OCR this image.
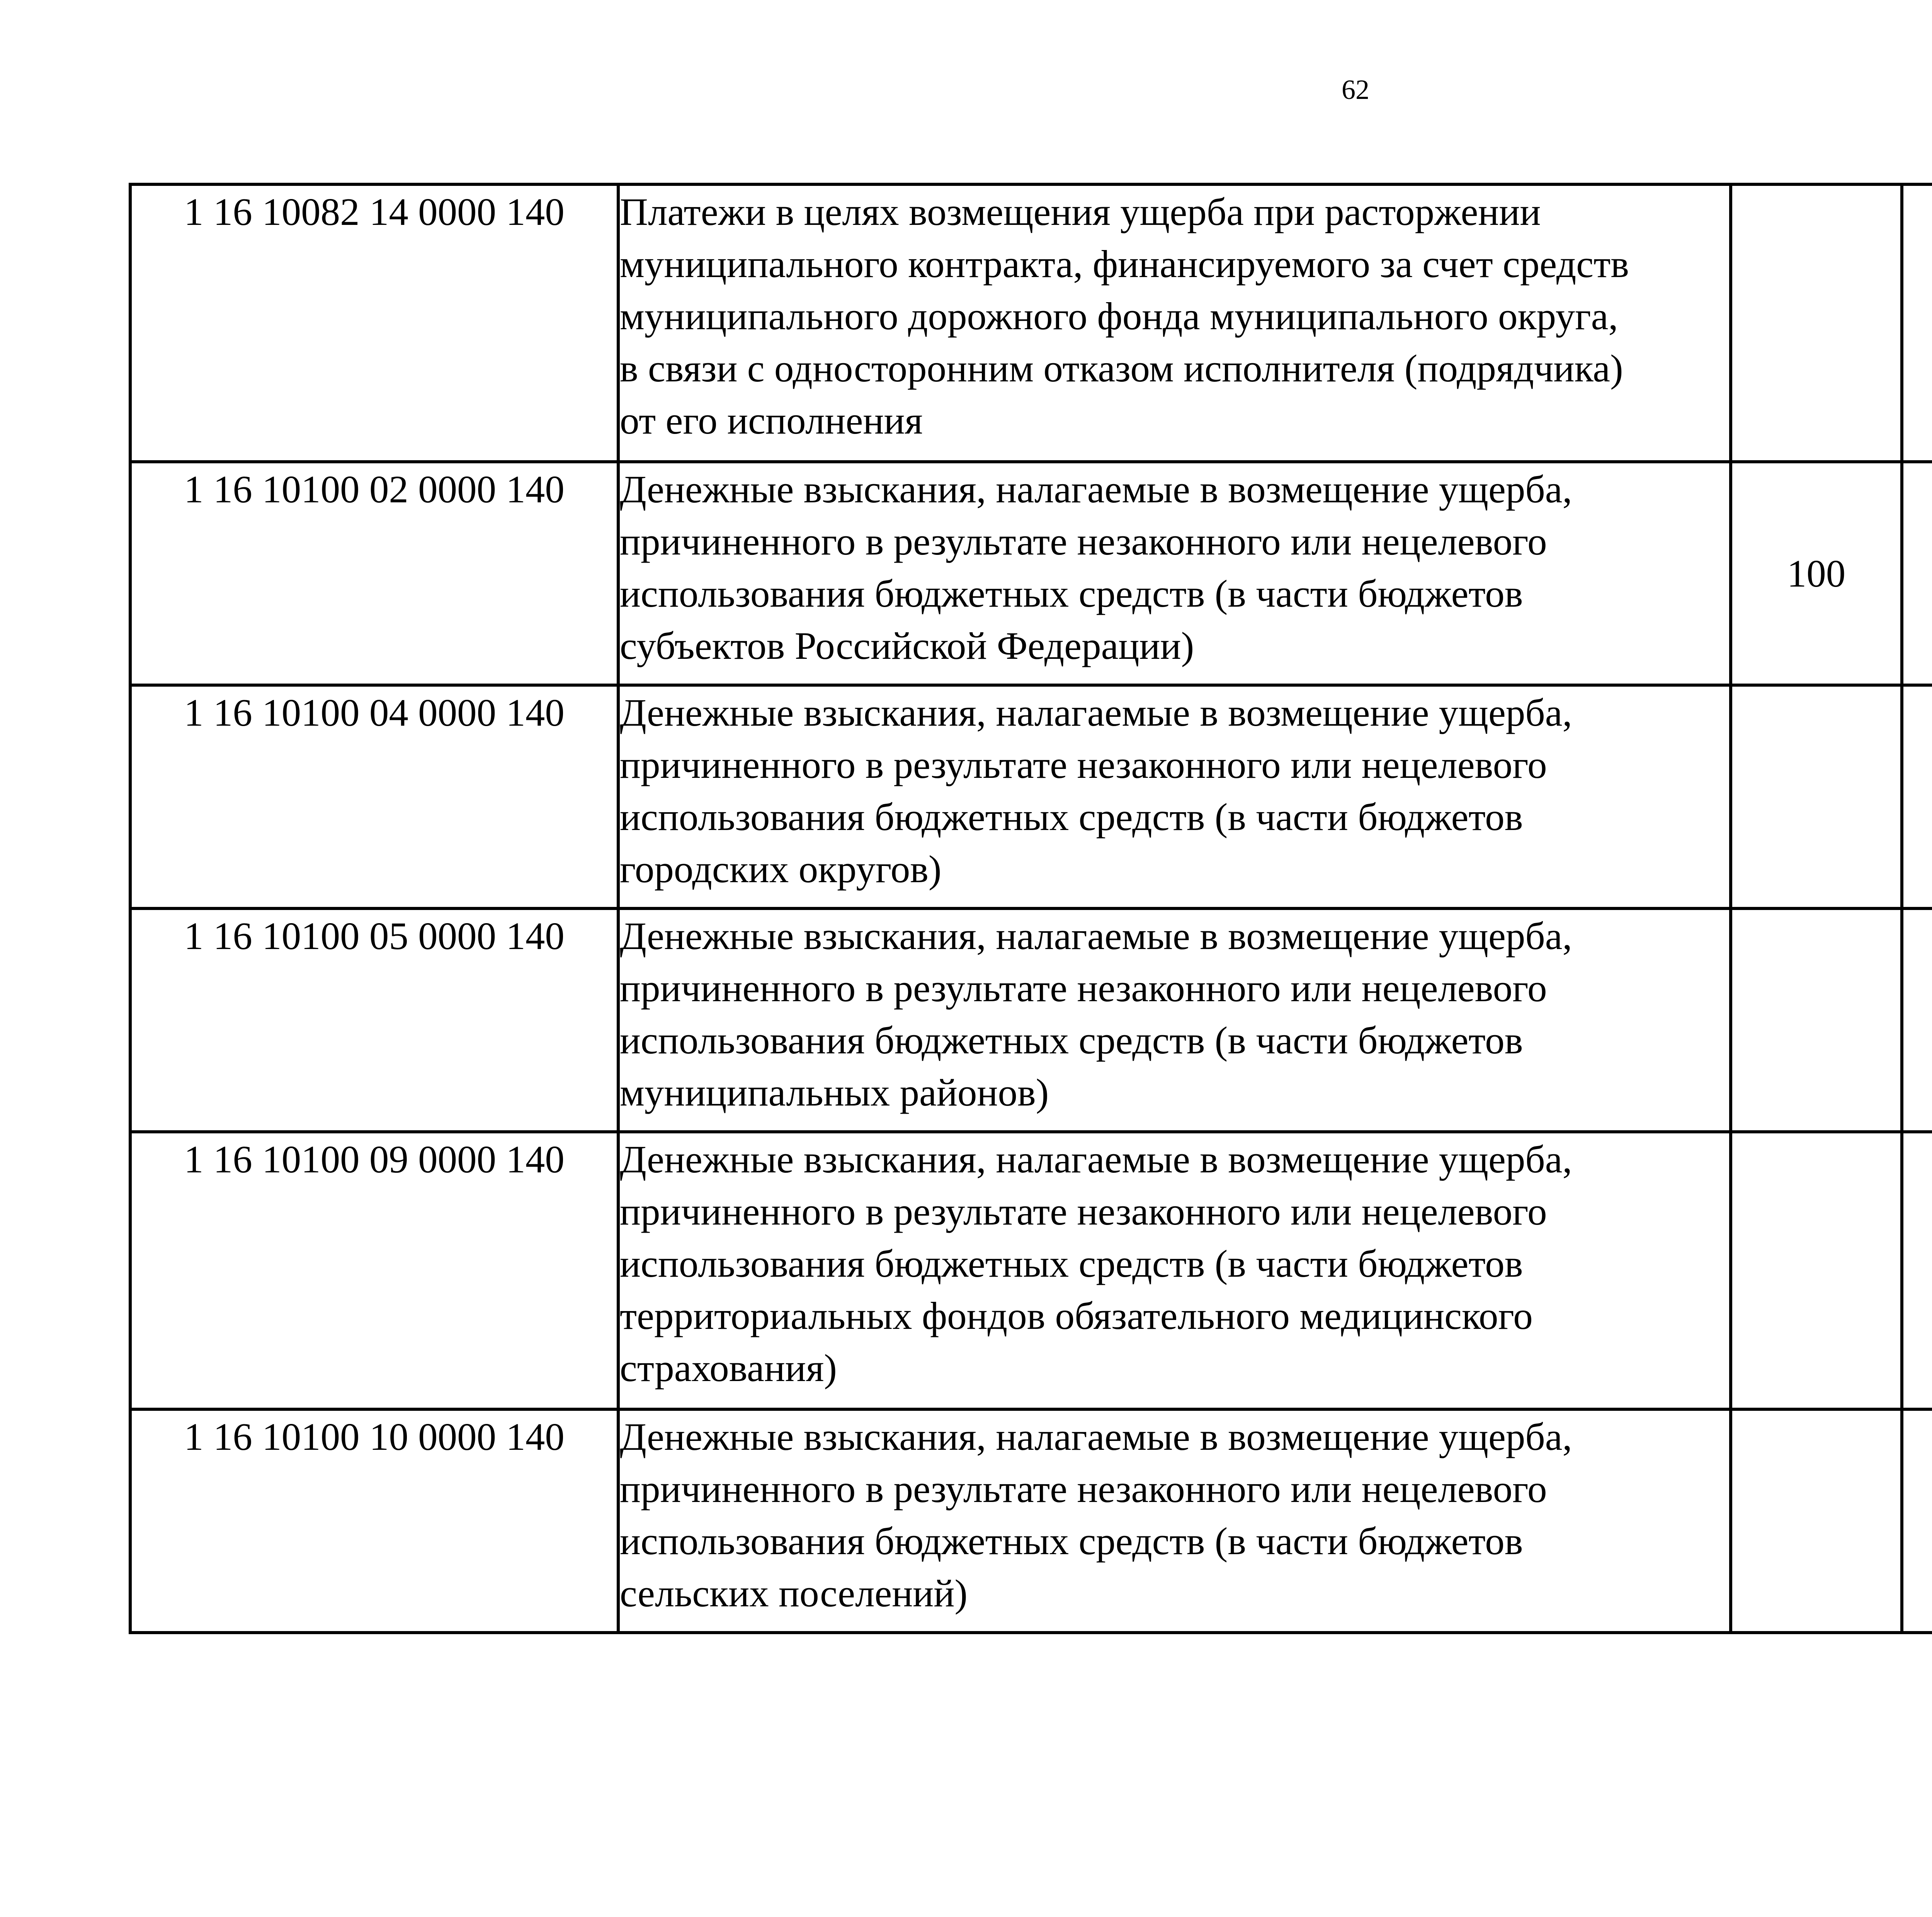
62
1 16 10082 14 0000 140	Платежи в целях возмещения ущерба при расторжении
муниципального контракта, финансируемого за счет средств
муниципального дорожного фонда муниципального округа,
в связи с односторонним отказом исполнителя (подрядчика)
от его исполнения

1 16 10100 02 0000 140	Денежные взыскания, налагаемые в возмещение ущерба,
причиненного в результате незаконного или нецелевого
использования бюджетных средств (в части бюджетов
субъектов Российской Федерации)	100				
1 16 10100 04 0000 140	Денежные взыскания, налагаемые в возмещение ущерба,
причиненного в результате незаконного или нецелевого
использования бюджетных средств (в части бюджетов
городских округов)

1 16 10100 05 0000 140	Денежные взыскания, налагаемые в возмещение ущерба,
причиненного в результате незаконного или нецелевого
использования бюджетных средств (в части бюджетов
муниципальных районов)

1 16 10100 09 0000 140	Денежные взыскания, налагаемые в возмещение ущерба,
причиненного в результате незаконного или нецелевого
использования бюджетных средств (в части бюджетов
территориальных фондов обязательного медицинского
страхования)

1 16 10100 10 0000 140	Денежные взыскания, налагаемые в возмещение ущерба,
причиненного в результате незаконного или нецелевого
использования бюджетных средств (в части бюджетов
сельских поселений)
